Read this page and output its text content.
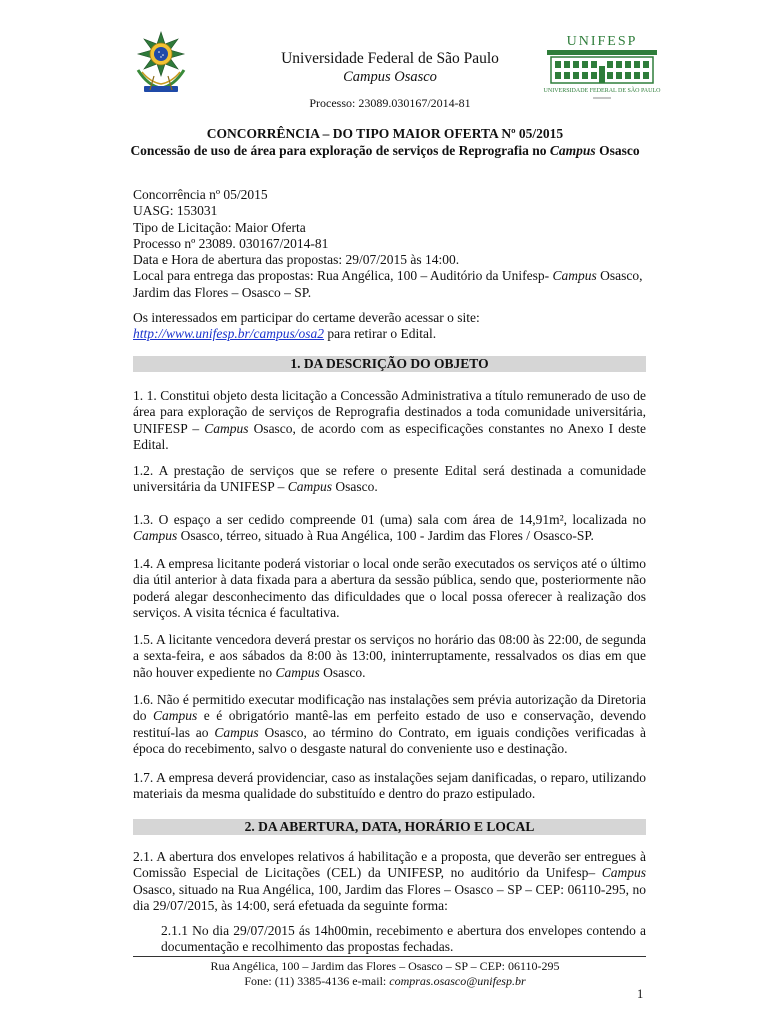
Universidade Federal de São Paulo
Campus Osasco
Processo: 23089.030167/2014-81
UNIFESP
UNIVERSIDADE FEDERAL DE SÃO PAULO
CONCORRÊNCIA – DO TIPO MAIOR OFERTA Nº 05/2015
Concessão de uso de área para exploração de serviços de Reprografia no Campus Osasco
Concorrência nº 05/2015
UASG: 153031
Tipo de Licitação: Maior Oferta
Processo nº 23089. 030167/2014-81
Data e Hora de abertura das propostas: 29/07/2015 às 14:00.
Local para entrega das propostas: Rua Angélica, 100 – Auditório da Unifesp- Campus Osasco,
Jardim das Flores – Osasco – SP.
Os interessados em participar do certame deverão acessar o site:
http://www.unifesp.br/campus/osa2 para retirar o Edital.
1. DA DESCRIÇÃO DO OBJETO
1. 1. Constitui objeto desta licitação a Concessão Administrativa a título remunerado de uso de área para exploração de serviços de Reprografia destinados a toda comunidade universitária, UNIFESP – Campus Osasco, de acordo com as especificações constantes no Anexo I deste Edital.
1.2. A prestação de serviços que se refere o presente Edital será destinada a comunidade universitária da UNIFESP – Campus Osasco.
1.3. O espaço a ser cedido compreende 01 (uma) sala com área de 14,91m², localizada no Campus Osasco, térreo, situado à Rua Angélica, 100 - Jardim das Flores / Osasco-SP.
1.4. A empresa licitante poderá vistoriar o local onde serão executados os serviços até o último dia útil anterior à data fixada para a abertura da sessão pública, sendo que, posteriormente não poderá alegar desconhecimento das dificuldades que o local possa oferecer à realização dos serviços. A visita técnica é facultativa.
1.5. A licitante vencedora deverá prestar os serviços no horário das 08:00 às 22:00, de segunda a sexta-feira, e aos sábados da 8:00 às 13:00, ininterruptamente, ressalvados os dias em que não houver expediente no Campus Osasco.
1.6. Não é permitido executar modificação nas instalações sem prévia autorização da Diretoria do Campus e é obrigatório mantê-las em perfeito estado de uso e conservação, devendo restituí-las ao Campus Osasco, ao término do Contrato, em iguais condições verificadas à época do recebimento, salvo o desgaste natural do conveniente uso e destinação.
1.7. A empresa deverá providenciar, caso as instalações sejam danificadas, o reparo, utilizando materiais da mesma qualidade do substituído e dentro do prazo estipulado.
2. DA ABERTURA, DATA, HORÁRIO E LOCAL
2.1. A abertura dos envelopes relativos á habilitação e a proposta, que deverão ser entregues à Comissão Especial de Licitações (CEL) da UNIFESP, no auditório da Unifesp– Campus Osasco, situado na Rua Angélica, 100, Jardim das Flores – Osasco – SP – CEP: 06110-295, no dia 29/07/2015, às 14:00, será efetuada da seguinte forma:
2.1.1 No dia 29/07/2015 ás 14h00min, recebimento e abertura dos envelopes contendo a documentação e recolhimento das propostas fechadas.
Rua Angélica, 100 – Jardim das Flores – Osasco – SP – CEP: 06110-295
Fone: (11) 3385-4136 e-mail: compras.osasco@unifesp.br
1
